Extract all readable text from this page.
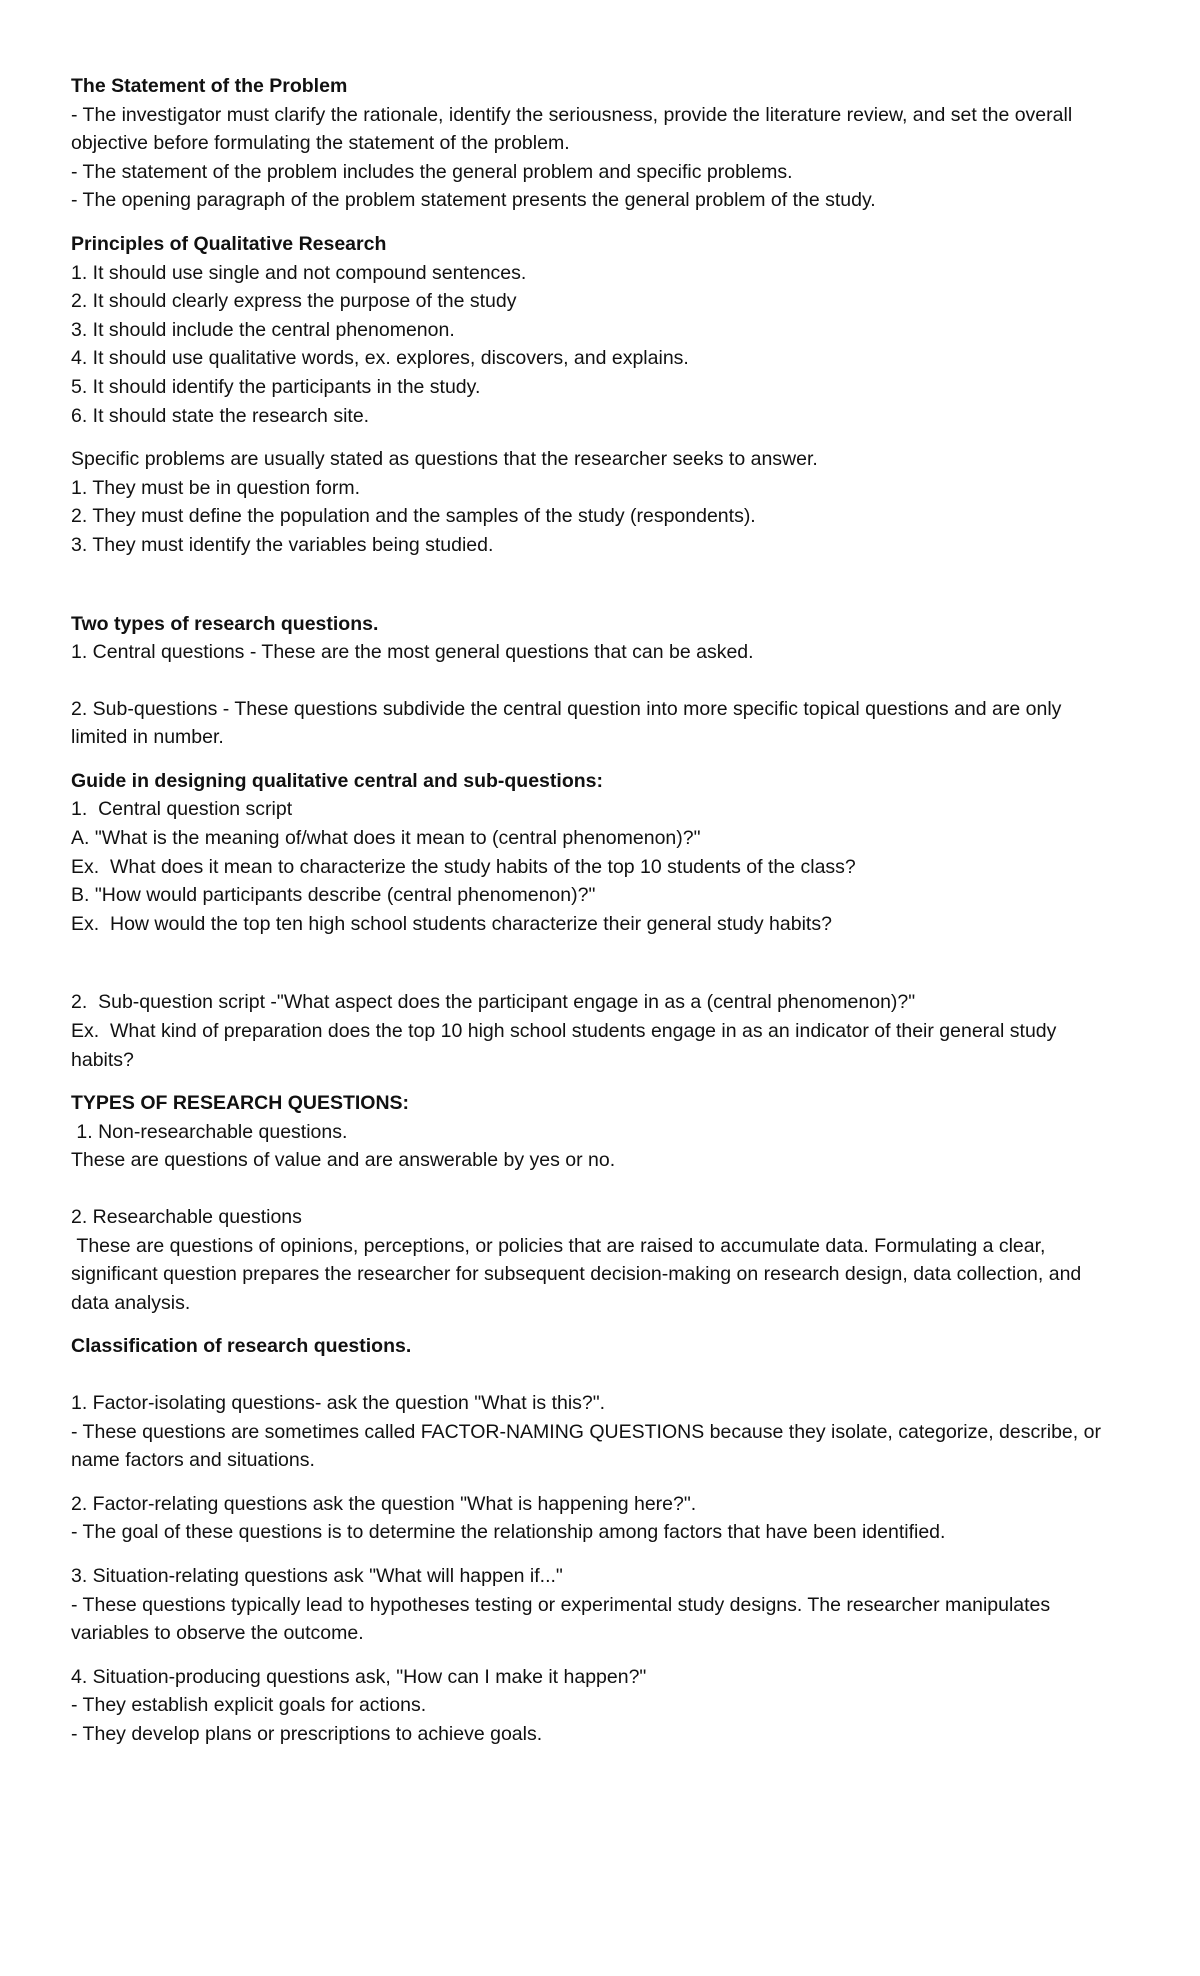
The Statement of the Problem
- The investigator must clarify the rationale, identify the seriousness, provide the literature review, and set the overall
objective before formulating the statement of the problem.
- The statement of the problem includes the general problem and specific problems.
- The opening paragraph of the problem statement presents the general problem of the study.
Principles of Qualitative Research
1. It should use single and not compound sentences.
2. It should clearly express the purpose of the study
3. It should include the central phenomenon.
4. It should use qualitative words, ex. explores, discovers, and explains.
5. It should identify the participants in the study.
6. It should state the research site.
Specific problems are usually stated as questions that the researcher seeks to answer.
1. They must be in question form.
2. They must define the population and the samples of the study (respondents).
3. They must identify the variables being studied.
Two types of research questions.
1. Central questions - These are the most general questions that can be asked.
2. Sub-questions - These questions subdivide the central question into more specific topical questions and are only
limited in number.
Guide in designing qualitative central and sub-questions:
1.  Central question script
A. "What is the meaning of/what does it mean to (central phenomenon)?"
Ex.  What does it mean to characterize the study habits of the top 10 students of the class?
B. "How would participants describe (central phenomenon)?"
Ex.  How would the top ten high school students characterize their general study habits?
2.  Sub-question script -"What aspect does the participant engage in as a (central phenomenon)?"
Ex.  What kind of preparation does the top 10 high school students engage in as an indicator of their general study
habits?
TYPES OF RESEARCH QUESTIONS:
1. Non-researchable questions.
These are questions of value and are answerable by yes or no.
2. Researchable questions
These are questions of opinions, perceptions, or policies that are raised to accumulate data. Formulating a clear,
significant question prepares the researcher for subsequent decision-making on research design, data collection, and
data analysis.
Classification of research questions.
1. Factor-isolating questions- ask the question "What is this?".
- These questions are sometimes called FACTOR-NAMING QUESTIONS because they isolate, categorize, describe, or
name factors and situations.
2. Factor-relating questions ask the question "What is happening here?".
- The goal of these questions is to determine the relationship among factors that have been identified.
3. Situation-relating questions ask "What will happen if..."
- These questions typically lead to hypotheses testing or experimental study designs. The researcher manipulates
variables to observe the outcome.
4. Situation-producing questions ask, "How can I make it happen?"
- They establish explicit goals for actions.
- They develop plans or prescriptions to achieve goals.
